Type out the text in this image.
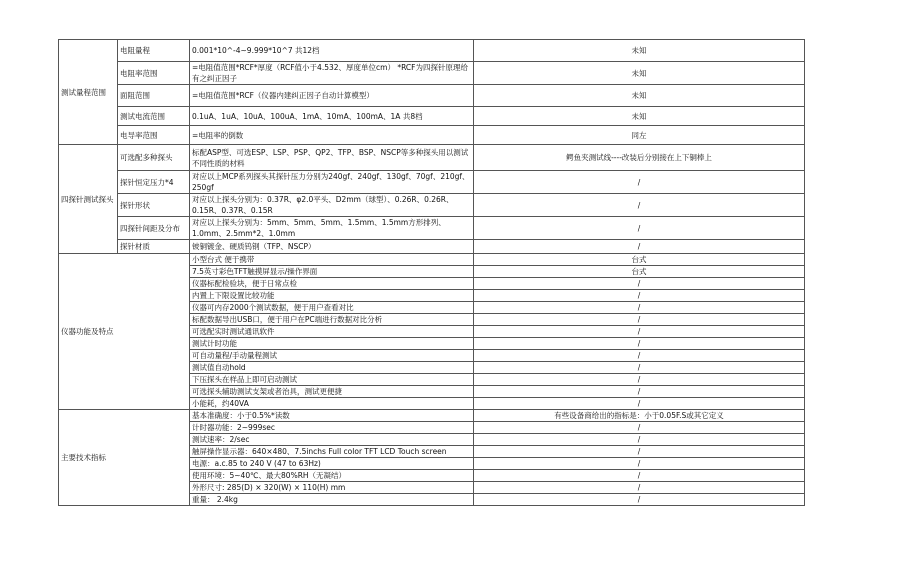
测试量程范围	电阻量程	0.001*10^-4~9.999*10^7 共12档	未知
	电阻率范围	=电阻值范围*RCF*厚度（RCF值小于4.532、厚度单位cm） *RCF为四探针原理给有之纠正因子	未知
	面阻范围	=电阻值范围*RCF（仪器内建纠正因子自动计算模型）	未知
	测试电流范围	0.1uA、1uA、10uA、100uA、1mA、10mA、100mA、1A 共8档	未知
	电导率范围	=电阻率的倒数	同左
四探针测试探头	可选配多种探头	标配ASP型、可选ESP、LSP、PSP、QP2、TFP、BSP、NSCP等多种探头用以测试不同性质的材料	鳄鱼夹测试线----改装后分别接在上下铜棒上
	探针恒定压力*4	对应以上MCP系列探头其探针压力分别为240gf、240gf、130gf、70gf、210gf、250gf	/
	探针形状	对应以上探头分别为：0.37R、φ2.0平头、D2mm（球型）、0.26R、0.26R、0.15R、0.37R、0.15R	/
	四探针间距及分布	对应以上探头分别为：5mm、5mm、5mm、1.5mm、1.5mm方形排列、1.0mm、2.5mm*2、1.0mm	/
	探针材质	铍铜镀金、硬质钨钢（TFP、NSCP）	/
仪器功能及特点		小型台式 便于携带	台式
		7.5英寸彩色TFT触摸屏显示/操作界面	台式
		仪器标配检验块，便于日常点检	/
		内置上下限设置比较功能	/
		仪器可内存2000个测试数据，便于用户查看对比	/
		标配数据导出USB口，便于用户在PC端进行数据对比分析	/
		可选配实时测试通讯软件	/
		测试计时功能	/
		可自动量程/手动量程测试	/
		测试值自动hold	/
		下压探头在样品上即可启动测试	/
		可选探头辅助测试支架或者治具，测试更便捷	/
		小能耗，约40VA	/
主要技术指标		基本准确度：小于0.5%*读数	有些设备商给出的指标是：小于0.05F.S或其它定义
		计时器功能：2~999sec	/
		测试速率：2/sec	/
		触屏操作显示器：640×480、7.5inchs Full color TFT LCD Touch screen	/
		电源：a.c.85 to 240 V (47 to 63Hz)	/
		使用环境：5~40℃、最大80%RH（无凝结）	/
		外形尺寸: 285(D) × 320(W) × 110(H) mm	/
		重量： 2.4kg	/
